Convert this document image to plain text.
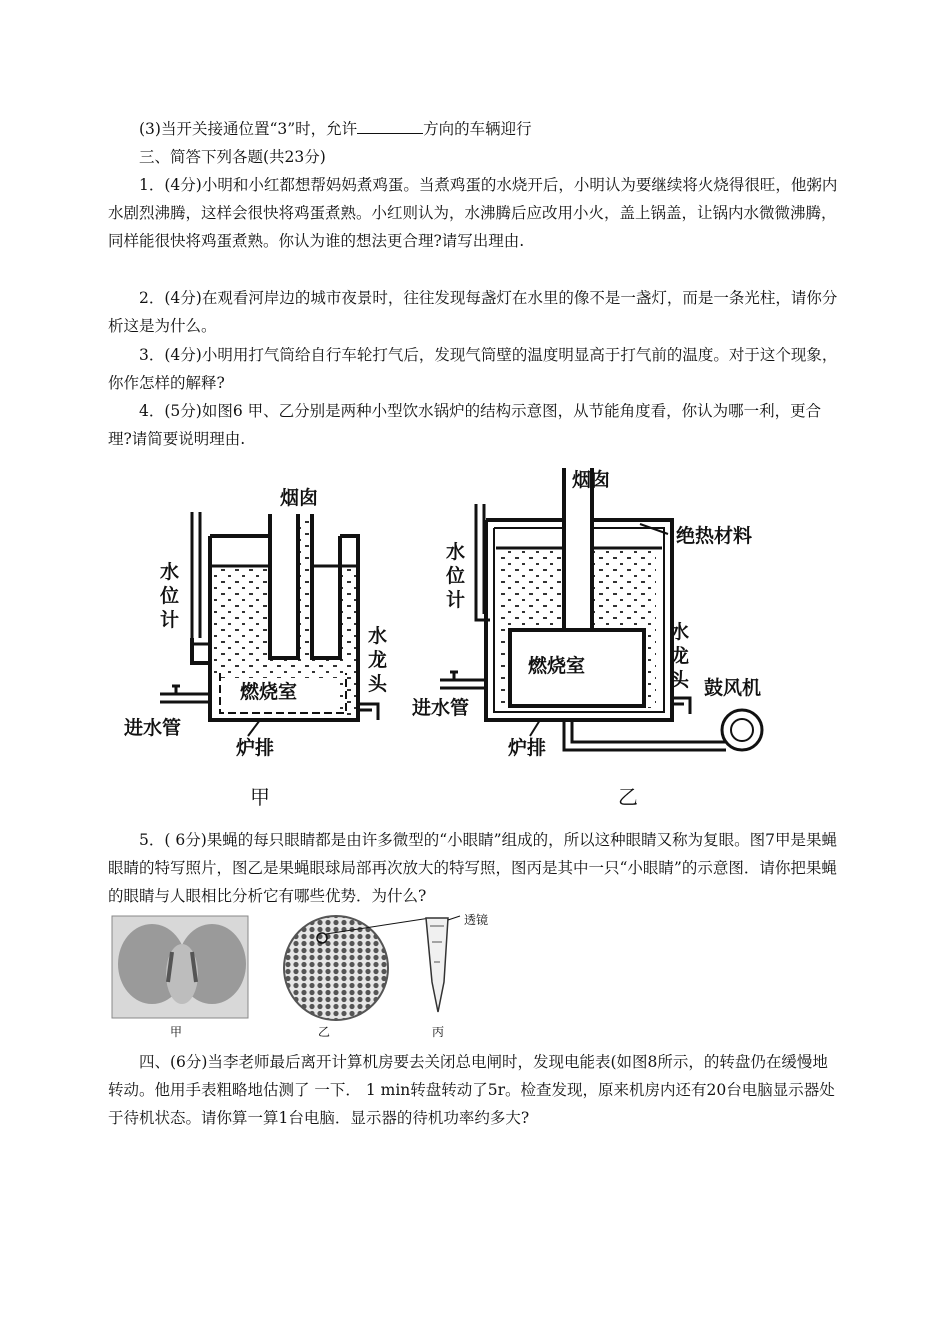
(3)当开关接通位置“3”时，允许	方向的车辆迎行

三、简答下列各题(共23分)

1．(4分)小明和小红都想帮妈妈煮鸡蛋。当煮鸡蛋的水烧开后，小明认为要继续将火烧得很旺，他粥内水剧烈沸腾，这样会很快将鸡蛋煮熟。小红则认为，水沸腾后应改用小火，盖上锅盖，让锅内水微微沸腾，同样能很快将鸡蛋煮熟。你认为谁的想法更合理?请写出理由.

2．(4分)在观看河岸边的城市夜景时，往往发现每盏灯在水里的像不是一盏灯，而是一条光柱，请你分析这是为什么。

3．(4分)小明用打气筒给自行车轮打气后，发现气筒壁的温度明显高于打气前的温度。对于这个现象，你作怎样的解释?

4．(5分)如图6 甲、乙分别是两种小型饮水锅炉的结构示意图，从节能角度看，你认为哪一利，更合理?请简要说明理由.

烟囱
水
位
计
水
龙
头
燃烧室
进水管
炉排
甲
烟囱
绝热材料
水
位
计
水
龙
头
燃烧室
鼓风机
进水管
炉排
乙

5．( 6分)果蝇的每只眼睛都是由许多微型的“小眼睛”组成的，所以这种眼睛又称为复眼。图7甲是果蝇眼睛的特写照片，图乙是果蝇眼球局部再次放大的特写照，图丙是其中一只“小眼睛”的示意图．请你把果蝇的眼睛与人眼相比分析它有哪些优势．为什么?

透镜
甲	乙	丙

四、(6分)当李老师最后离开计算机房要去关闭总电闸时，发现电能表(如图8所示，的转盘仍在缓慢地转动。他用手表粗略地估测了 一下． 1 min转盘转动了5r。检查发现，原来机房内还有20台电脑显示器处于待机状态。请你算一算1台电脑．显示器的待机功率约多大?
